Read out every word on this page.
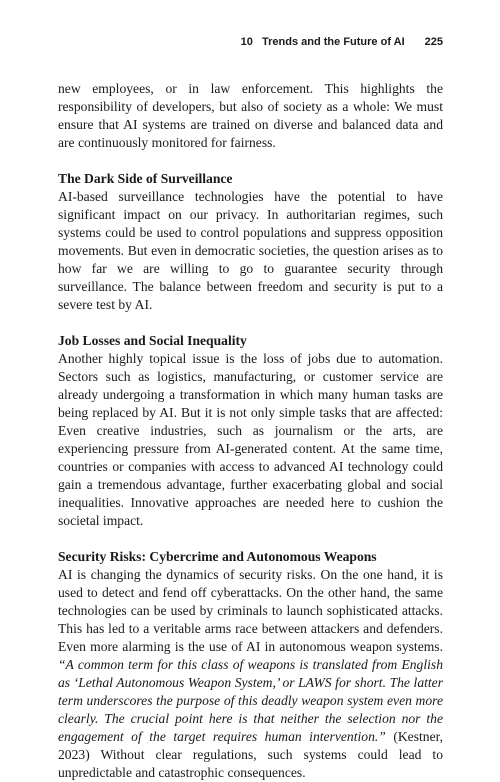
10   Trends and the Future of AI 225

new employees, or in law enforcement. This highlights the responsibility of developers, but also of society as a whole: We must ensure that AI systems are trained on diverse and balanced data and are continuously monitored for fairness.

The Dark Side of Surveillance

AI-based surveillance technologies have the potential to have significant impact on our privacy. In authoritarian regimes, such systems could be used to control populations and suppress opposition movements. But even in democratic societies, the question arises as to how far we are willing to go to guarantee security through surveillance. The balance between freedom and security is put to a severe test by AI.

Job Losses and Social Inequality

Another highly topical issue is the loss of jobs due to automation. Sectors such as logistics, manufacturing, or customer service are already undergoing a transformation in which many human tasks are being replaced by AI. But it is not only simple tasks that are affected: Even creative industries, such as journalism or the arts, are experiencing pressure from AI-generated content. At the same time, countries or companies with access to advanced AI technology could gain a tremendous advantage, further exacerbating global and social inequalities. Innovative approaches are needed here to cushion the societal impact.

Security Risks: Cybercrime and Autonomous Weapons

AI is changing the dynamics of security risks. On the one hand, it is used to detect and fend off cyberattacks. On the other hand, the same technologies can be used by criminals to launch sophisticated attacks. This has led to a veritable arms race between attackers and defenders. Even more alarming is the use of AI in autonomous weapon systems. “A common term for this class of weapons is translated from English as ‘Lethal Autonomous Weapon System,’ or LAWS for short. The latter term underscores the purpose of this deadly weapon system even more clearly. The crucial point here is that neither the selection nor the engagement of the target requires human intervention.” (Kestner, 2023) Without clear regulations, such systems could lead to unpredictable and catastrophic consequences.
